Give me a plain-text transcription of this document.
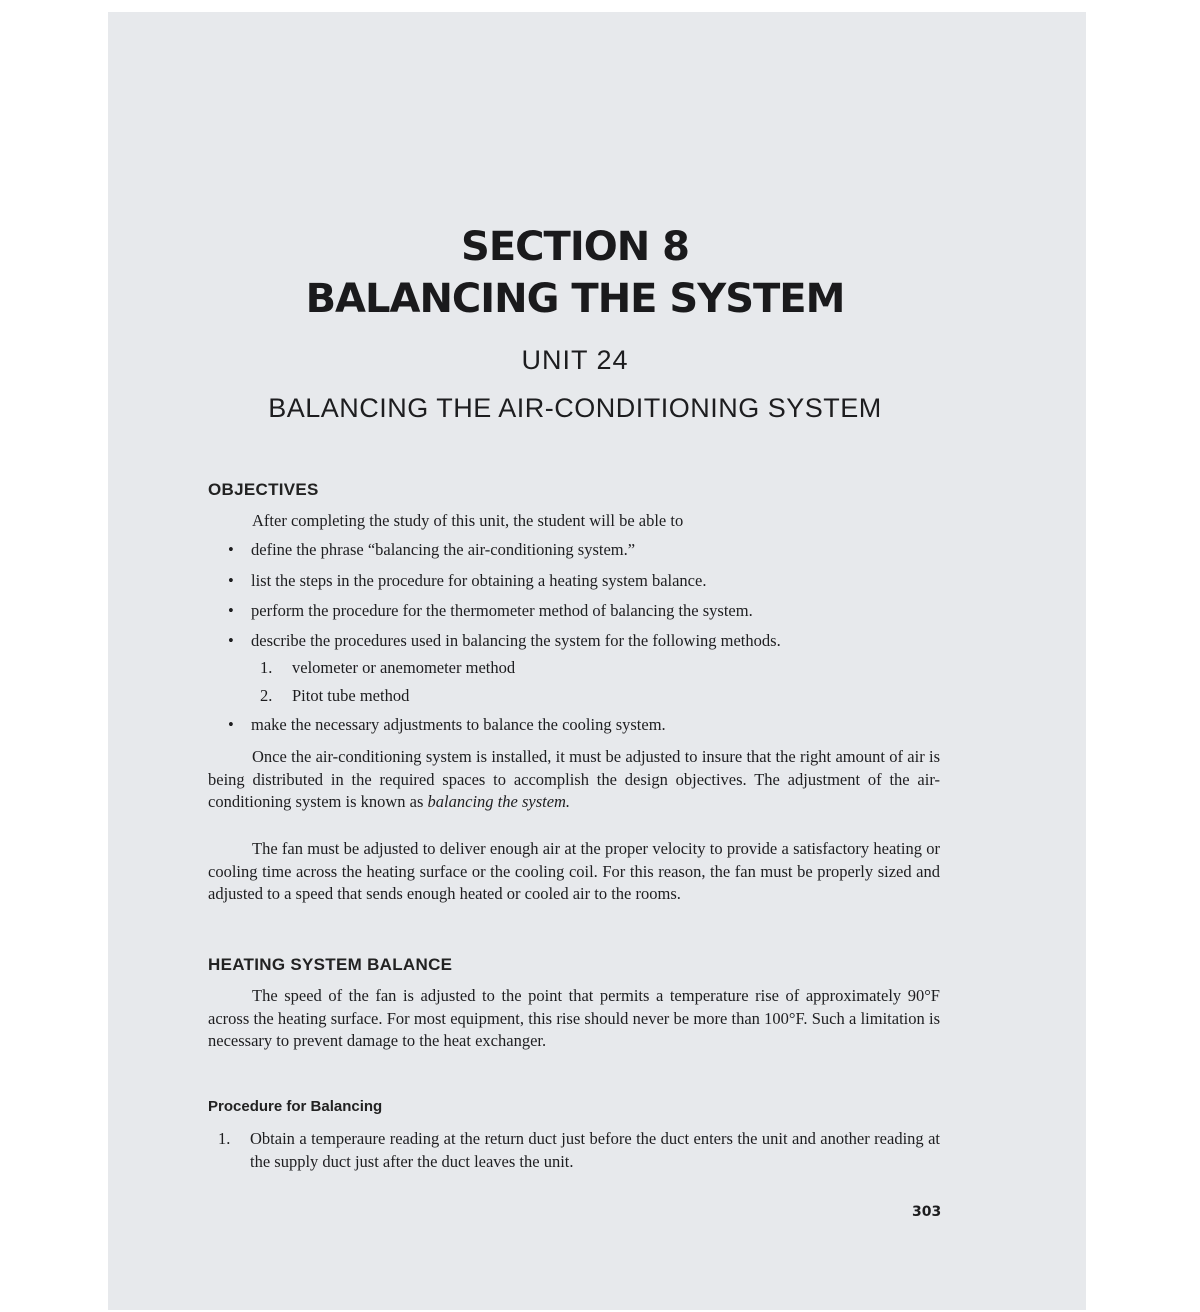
SECTION 8
BALANCING THE SYSTEM
UNIT 24
BALANCING THE AIR-CONDITIONING SYSTEM
OBJECTIVES
After completing the study of this unit, the student will be able to
•	define the phrase “balancing the air-conditioning system.”
•	list the steps in the procedure for obtaining a heating system balance.
•	perform the procedure for the thermometer method of balancing the system.
•	describe the procedures used in balancing the system for the following methods.
1. velometer or anemometer method
2. Pitot tube method
•	make the necessary adjustments to balance the cooling system.
Once the air-conditioning system is installed, it must be adjusted to insure that the right amount of air is being distributed in the required spaces to accomplish the design objectives. The adjustment of the air-conditioning system is known as balancing the system.
The fan must be adjusted to deliver enough air at the proper velocity to provide a satisfactory heating or cooling time across the heating surface or the cooling coil. For this reason, the fan must be properly sized and adjusted to a speed that sends enough heated or cooled air to the rooms.
HEATING SYSTEM BALANCE
The speed of the fan is adjusted to the point that permits a temperature rise of approximately 90°F across the heating surface. For most equipment, this rise should never be more than 100°F. Such a limitation is necessary to prevent damage to the heat exchanger.
Procedure for Balancing
1. Obtain a temperaure reading at the return duct just before the duct enters the unit and another reading at the supply duct just after the duct leaves the unit.
303
